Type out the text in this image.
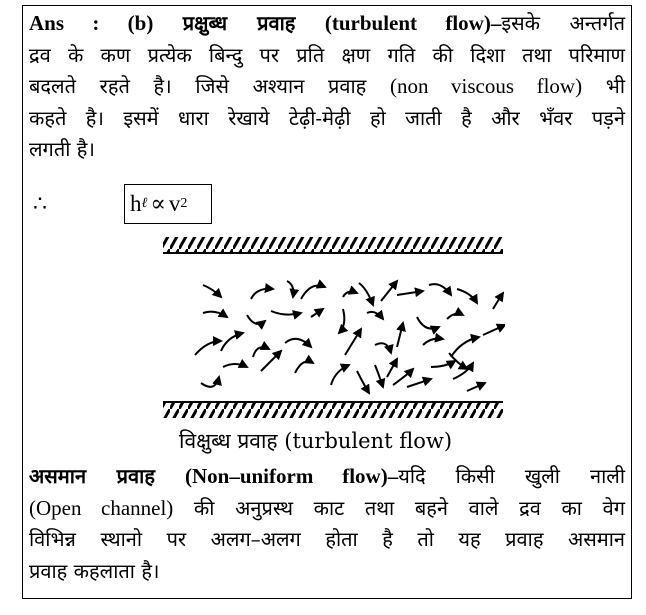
Ans : (b) प्रक्षुब्ध प्रवाह (turbulent flow)–इसके अन्तर्गत
द्रव के कण प्रत्येक बिन्दु पर प्रति क्षण गति की दिशा तथा परिमाण
बदलते रहते है। जिसे अश्यान प्रवाह (non viscous flow) भी
कहते है। इसमें धारा रेखाये टेढ़ी-मेढ़ी हो जाती है और भँवर पड़ने
लगती है।
∴	h ℓ ∝ v 2
विक्षुब्ध प्रवाह (turbulent flow)
असमान प्रवाह (Non–uniform flow)–यदि किसी खुली नाली
(Open channel) की अनुप्रस्थ काट तथा बहने वाले द्रव का वेग
विभिन्न स्थानो पर अलग–अलग होता है तो यह प्रवाह असमान
प्रवाह कहलाता है।
